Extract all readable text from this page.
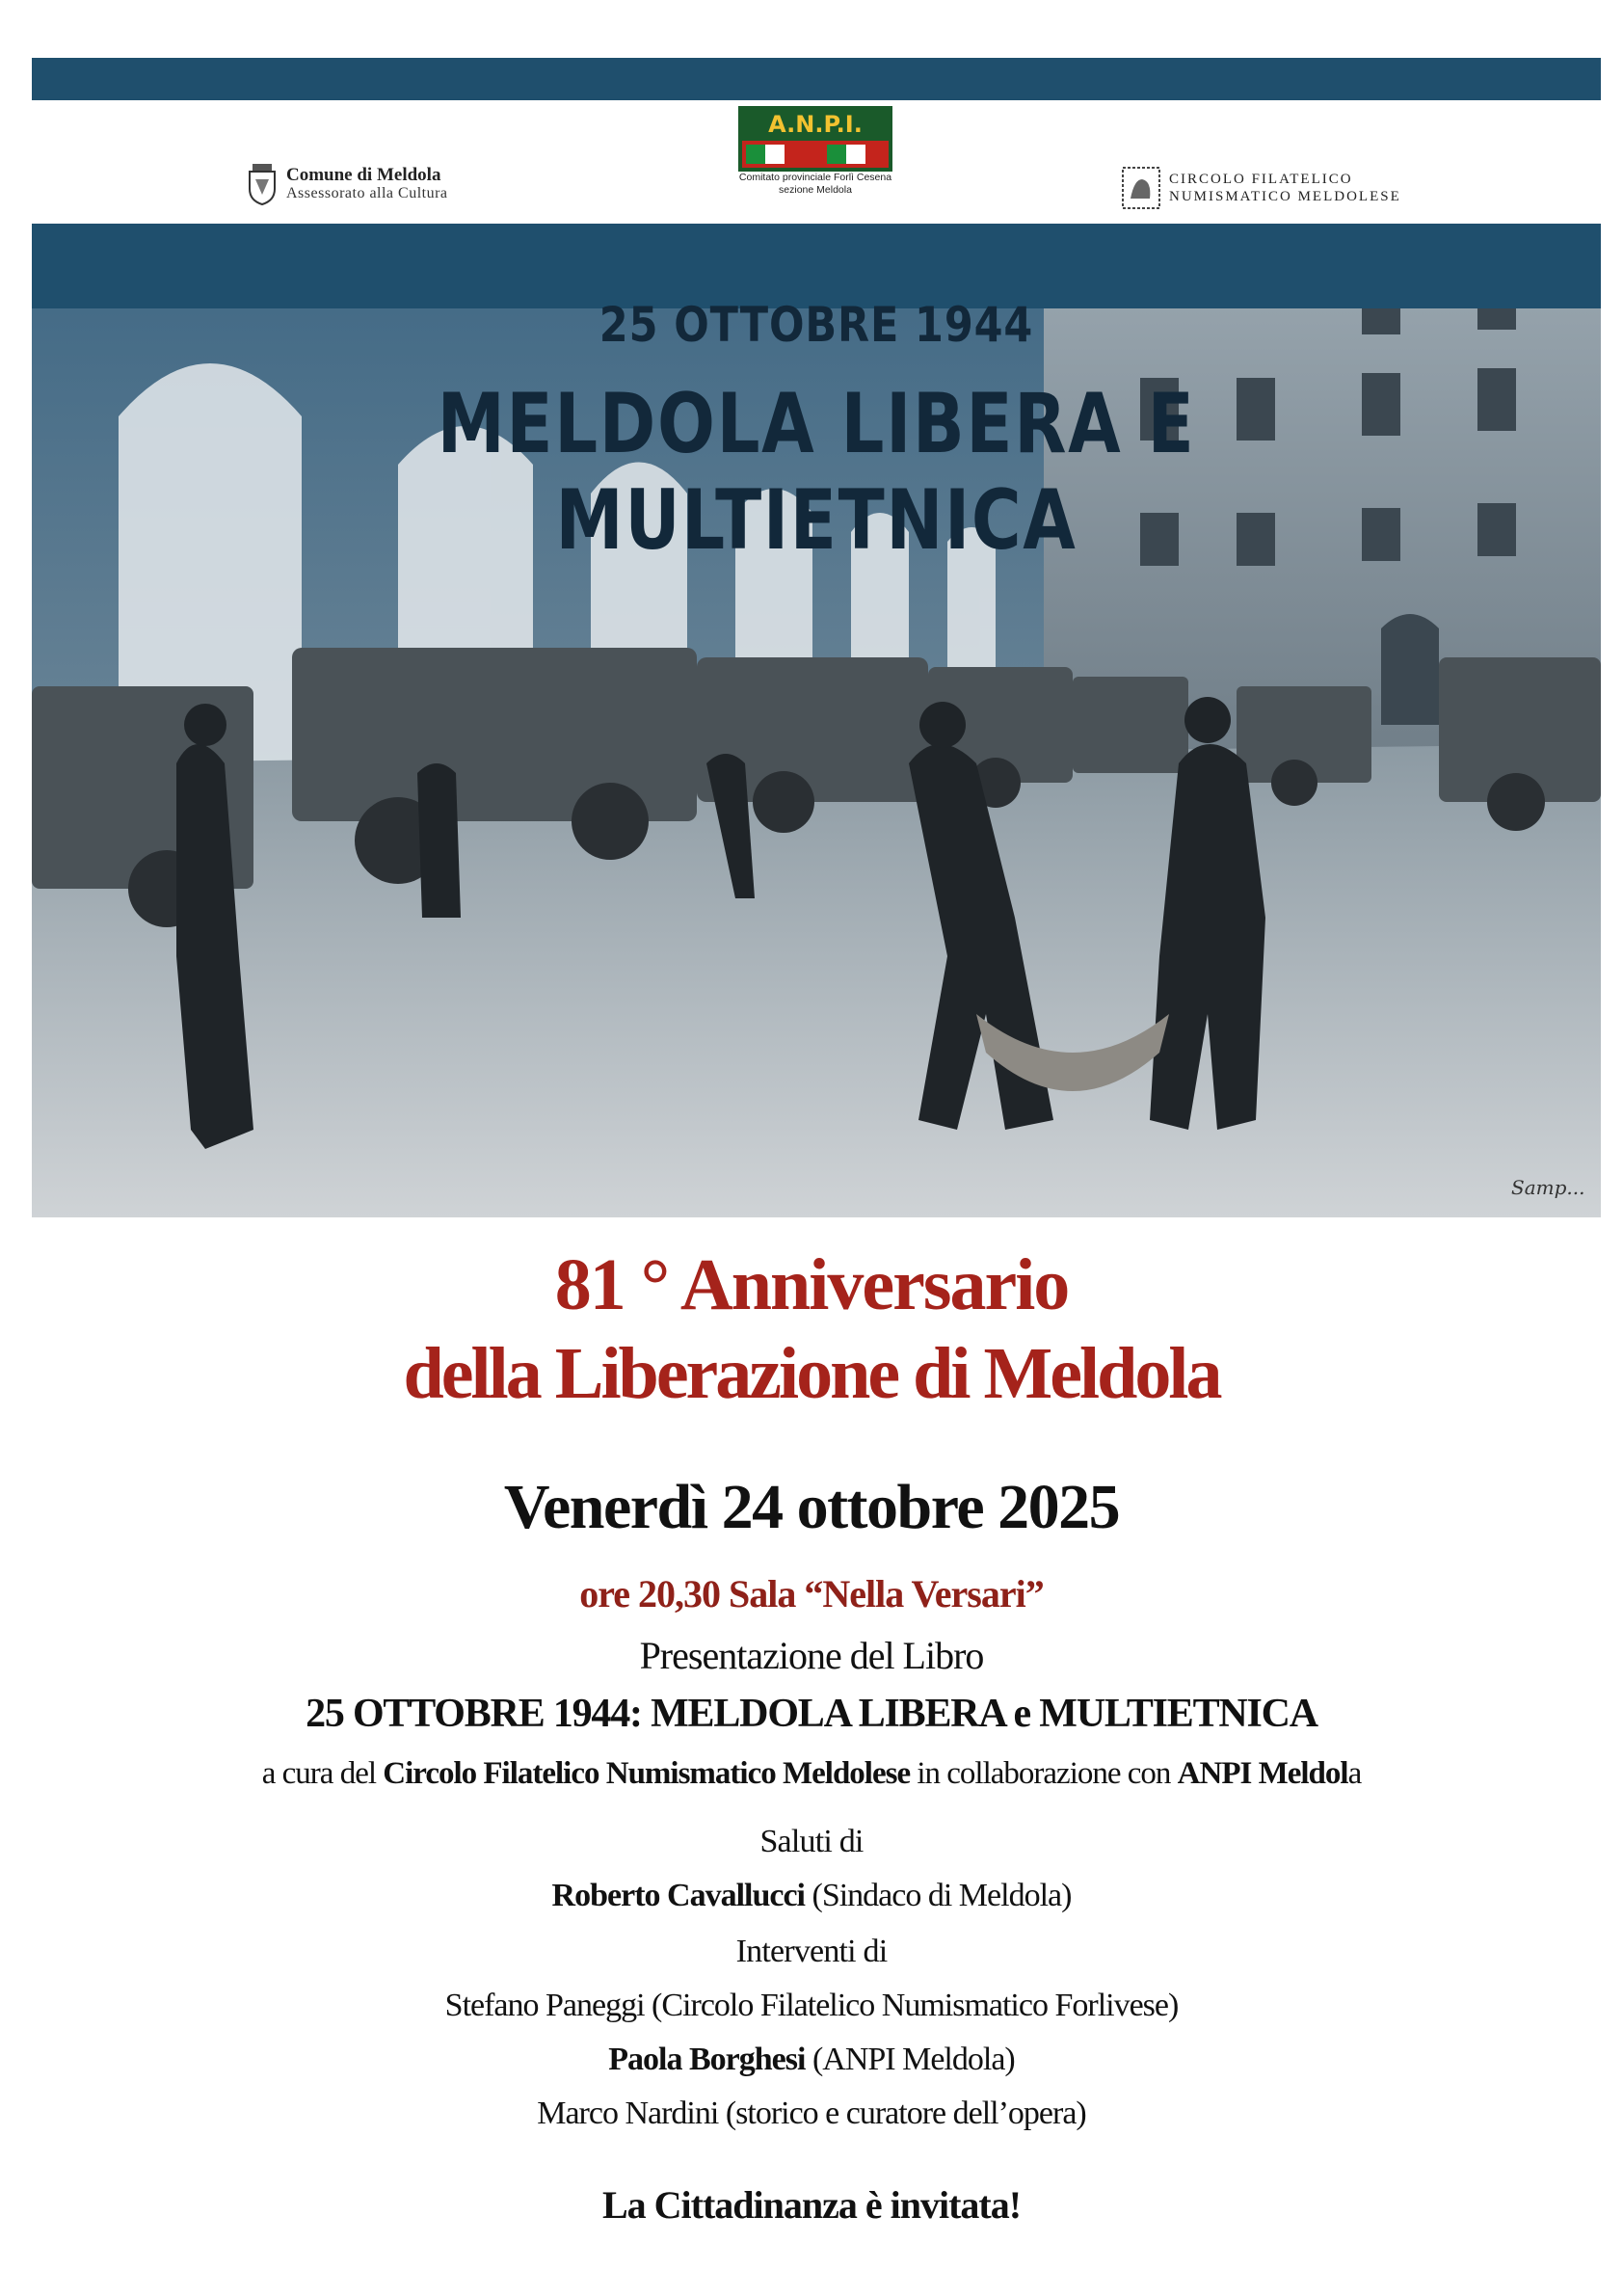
Comune di Meldola
Assessorato alla Cultura
A.N.P.I.
Comitato provinciale Forlì Cesena
sezione Meldola
CIRCOLO FILATELICO
NUMISMATICO MELDOLESE
25 OTTOBRE 1944
MELDOLA LIBERA E MULTIETNICA
Samp...
81 ° Anniversario
della Liberazione di Meldola
Venerdì 24 ottobre 2025
ore 20,30 Sala “Nella Versari”
Presentazione del Libro
25 OTTOBRE 1944: MELDOLA LIBERA e MULTIETNICA
a cura del Circolo Filatelico Numismatico Meldolese in collaborazione con ANPI Meldola
Saluti di
Roberto Cavallucci (Sindaco di Meldola)
Interventi di
Stefano Paneggi (Circolo Filatelico Numismatico Forlivese)
Paola Borghesi (ANPI Meldola)
Marco Nardini (storico e curatore dell’opera)
La Cittadinanza è invitata!
